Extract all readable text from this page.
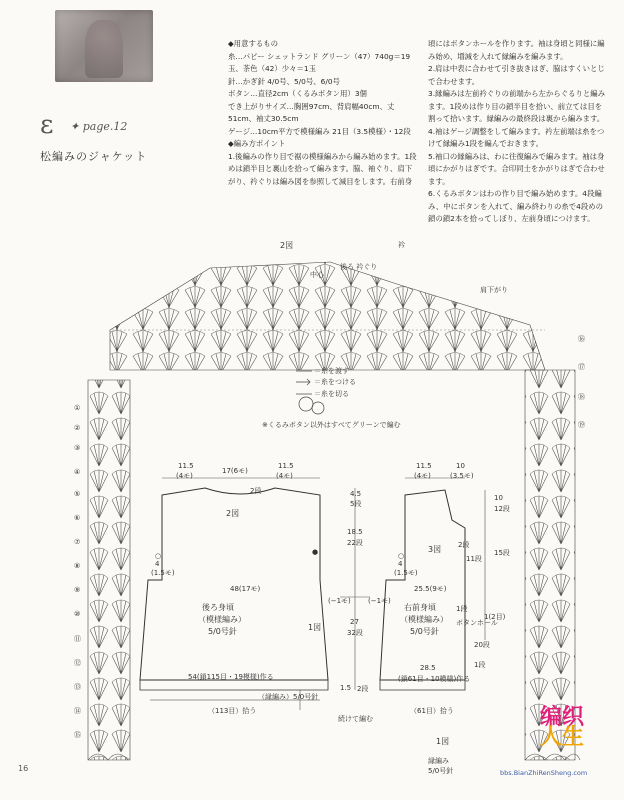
ε ✦ page.12
松編みのジャケット
◆用意するもの
糸…パピー シェットランド グリーン（47）740g＝19玉、茶色（42）少々＝1玉
針…かぎ針 4/0号、5/0号、6/0号
ボタン…直径2cm（くるみボタン用）3個
でき上がりサイズ…胸囲97cm、背肩幅40cm、丈51cm、袖丈30.5cm
ゲージ…10cm平方で模様編み 21目（3.5模様）・12段
◆編み方ポイント
1.後編みの作り目で裾の模様編みから編み始めます。1段めは鎖半目と裏山を拾って編みます。脇、袖ぐり、肩下がり、衿ぐりは編み図を参照して減目をします。右前身
頃にはボタンホールを作ります。袖は身頃と同様に編み始め、増減を入れて縁編みを編みます。
2.肩は中表に合わせて引き抜きはぎ、脇はすくいとじで合わせます。
3.縁編みは左前衿ぐりの前端から左からぐるりと編みます。1段めは作り目の鎖半目を拾い、前立ては目を割って拾います。縁編みの最終段は裏から編みます。
4.袖はゲージ調整をして編みます。衿左前端は糸をつけて縁編み1段を編んでおきます。
5.袖口の縁編みは、わに往復編みで編みます。袖は身頃にかがりはぎです。合印同士をかがりはぎで合わせます。
6.くるみボタンはわの作り目で編み始めます。4段編み、中にボタンを入れて、編み終わりの糸で4段めの鎖の鎖2本を拾ってしぼり、左前身頃につけます。
2図
後ろ 衿ぐり
中心
衿
肩下がり
①
②
③
④
⑤
⑥
⑦
⑧
⑨
⑩
⑪
⑫
⑬
⑭
⑮
⑯
⑰
⑱
⑲
＝糸を渡す
＝糸をつける
＝糸を切る
※くるみボタン以外はすべてグリーンで編む
11.5
(4モ)
17(6モ)
11.5
(4モ)
2段
2図
○
4
(1.5モ)
●
48(17モ)
後ろ身頃
（模様編み）
5/0号針	1図
54(鎖115目・19模様)作る
（縁編み）5/0号針
（113目）拾う
4.5
5段
18.5
22段
(−1モ) (−1モ)
27
32段
1.5 2段
続けて編む
11.5
(4モ)
10
(3.5モ)
10
12段
15段
2段
11段
3図
○
4
(1.5モ)
25.5(9モ)
右前身頃
（模様編み）
5/0号針
1段
ボタンホール
1(2目)
20段
1段
28.5
(鎖61目・10模様)作る
（61目）拾う
1図
縁編み
5/0号針
16
编织
人生
bbs.BianZhiRenSheng.com
